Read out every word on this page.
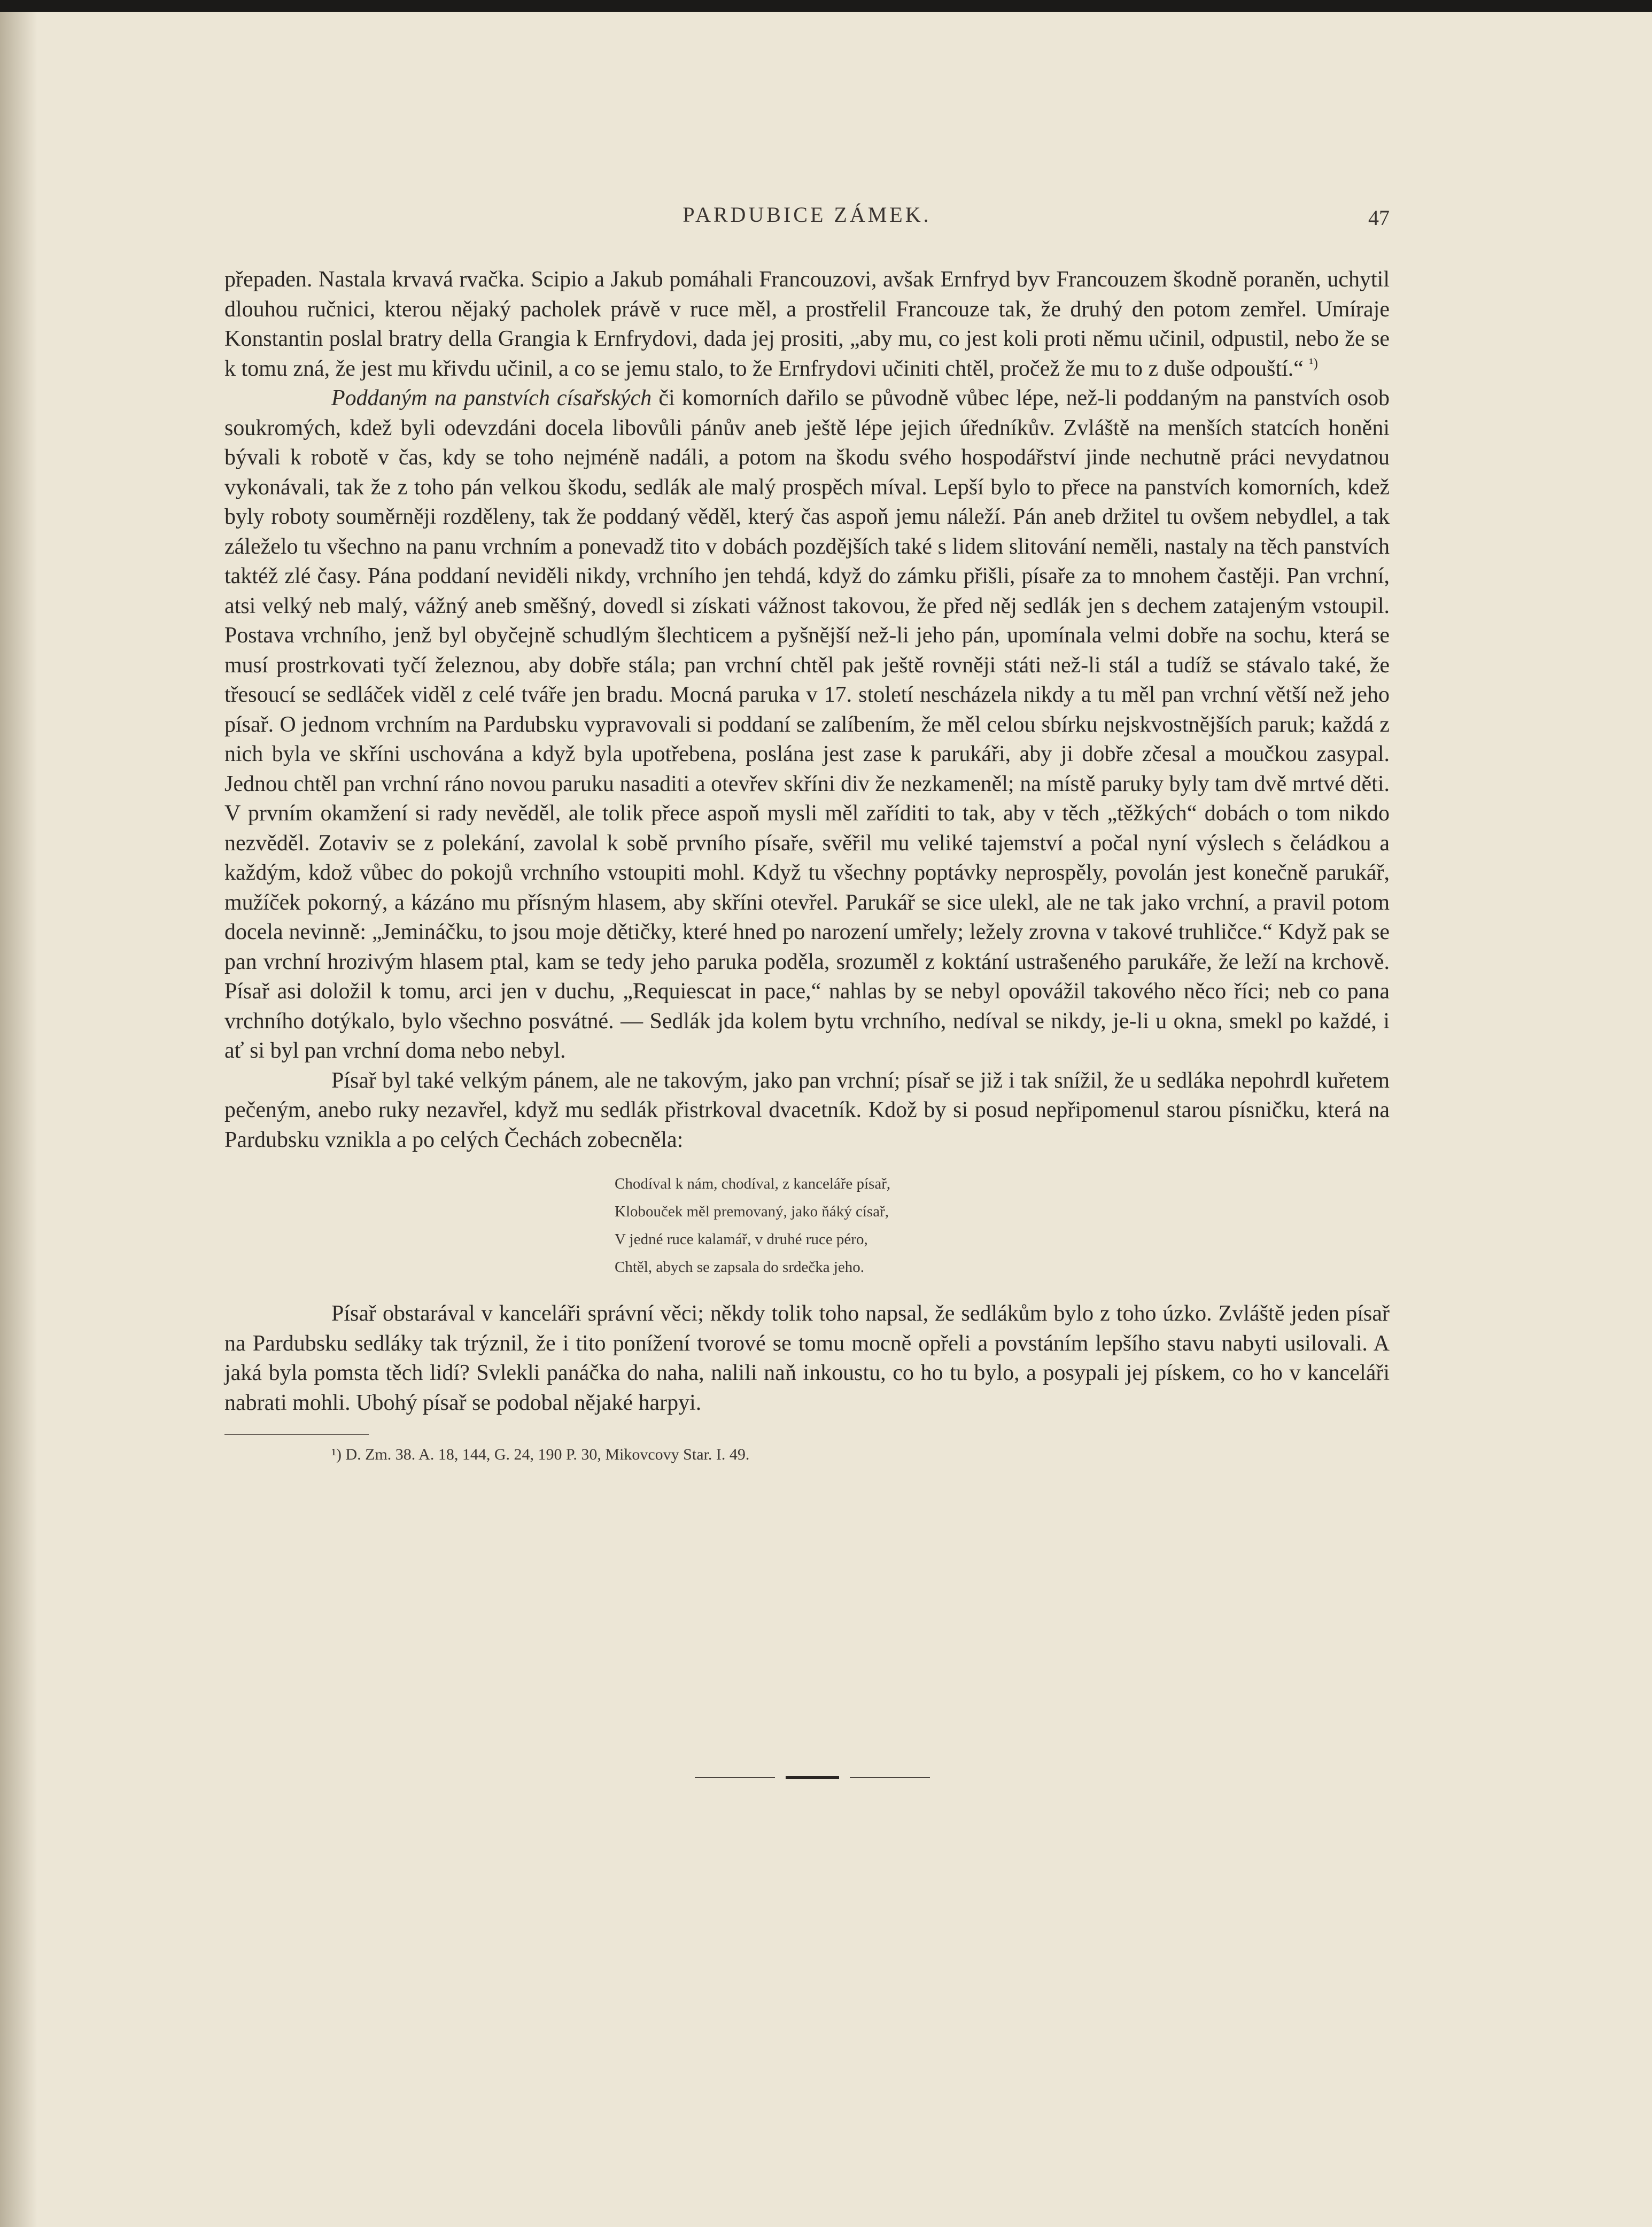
PARDUBICE ZÁMEK.	47

přepaden. Nastala krvavá rvačka. Scipio a Jakub pomáhali Francouzovi, avšak Ernfryd byv Francouzem škodně poraněn, uchytil dlouhou ručnici, kterou nějaký pacholek právě v ruce měl, a prostřelil Francouze tak, že druhý den potom zemřel. Umíraje Konstantin poslal bratry della Grangia k Ernfrydovi, dada jej prositi, „aby mu, co jest koli proti němu učinil, odpustil, nebo že se k tomu zná, že jest mu křivdu učinil, a co se jemu stalo, to že Ernfrydovi učiniti chtěl, pročež že mu to z duše odpouští.“ $^{^1)}$

Poddaným na panstvích císařských či komorních dařilo se původně vůbec lépe, než-li poddaným na panstvích osob soukromých, kdež byli odevzdáni docela libovůli pánův aneb ještě lépe jejich úředníkův. Zvláště na menších statcích honěni bývali k robotě v čas, kdy se toho nejméně nadáli, a potom na škodu svého hospodářství jinde nechutně práci nevydatnou vykonávali, tak že z toho pán velkou škodu, sedlák ale malý prospěch míval. Lepší bylo to přece na panstvích komorních, kdež byly roboty souměrněji rozděleny, tak že poddaný věděl, který čas aspoň jemu náleží. Pán aneb držitel tu ovšem nebydlel, a tak záleželo tu všechno na panu vrchním a ponevadž tito v dobách pozdějších také s lidem slitování neměli, nastaly na těch panstvích taktéž zlé časy. Pána poddaní neviděli nikdy, vrchního jen tehdá, když do zámku přišli, písaře za to mnohem častěji. Pan vrchní, atsi velký neb malý, vážný aneb směšný, dovedl si získati vážnost takovou, že před něj sedlák jen s dechem zatajeným vstoupil. Postava vrchního, jenž byl obyčejně schudlým šlechticem a pyšnější než-li jeho pán, upomínala velmi dobře na sochu, která se musí prostrkovati tyčí železnou, aby dobře stála; pan vrchní chtěl pak ještě rovněji státi než-li stál a tudíž se stávalo také, že třesoucí se sedláček viděl z celé tváře jen bradu. Mocná paruka v 17. století nescházela nikdy a tu měl pan vrchní větší než jeho písař. O jednom vrchním na Pardubsku vypravovali si poddaní se zalíbením, že měl celou sbírku nejskvostnějších paruk; každá z nich byla ve skříni uschována a když byla upotřebena, poslána jest zase k parukáři, aby ji dobře zčesal a moučkou zasypal. Jednou chtěl pan vrchní ráno novou paruku nasaditi a otevřev skříni div že nezkameněl; na místě paruky byly tam dvě mrtvé děti. V prvním okamžení si rady nevěděl, ale tolik přece aspoň mysli měl zaříditi to tak, aby v těch „těžkých“ dobách o tom nikdo nezvěděl. Zotaviv se z polekání, zavolal k sobě prvního písaře, svěřil mu veliké tajemství a počal nyní výslech s čeládkou a každým, kdož vůbec do pokojů vrchního vstoupiti mohl. Když tu všechny poptávky neprospěly, povolán jest konečně parukář, mužíček pokorný, a kázáno mu přísným hlasem, aby skříni otevřel. Parukář se sice ulekl, ale ne tak jako vrchní, a pravil potom docela nevinně: „Jemináčku, to jsou moje dětičky, které hned po narození umřely; ležely zrovna v takové truhličce.“ Když pak se pan vrchní hrozivým hlasem ptal, kam se tedy jeho paruka poděla, srozuměl z koktání ustrašeného parukáře, že leží na krchově. Písař asi doložil k tomu, arci jen v duchu, „Requiescat in pace,“ nahlas by se nebyl opovážil takového něco říci; neb co pana vrchního dotýkalo, bylo všechno posvátné. — Sedlák jda kolem bytu vrchního, nedíval se nikdy, je-li u okna, smekl po každé, i ať si byl pan vrchní doma nebo nebyl.

Písař byl také velkým pánem, ale ne takovým, jako pan vrchní; písař se již i tak snížil, že u sedláka nepohrdl kuřetem pečeným, anebo ruky nezavřel, když mu sedlák přistrkoval dvacetník. Kdož by si posud nepřipomenul starou písničku, která na Pardubsku vznikla a po celých Čechách zobecněla:

Chodíval k nám, chodíval, z kanceláře písař,
Klobouček měl premovaný, jako ňáký císař,
V jedné ruce kalamář, v druhé ruce péro,
Chtěl, abych se zapsala do srdečka jeho.

Písař obstarával v kanceláři správní věci; někdy tolik toho napsal, že sedlákům bylo z toho úzko. Zvláště jeden písař na Pardubsku sedláky tak trýznil, že i tito ponížení tvorové se tomu mocně opřeli a povstáním lepšího stavu nabyti usilovali. A jaká byla pomsta těch lidí? Svlekli panáčka do naha, nalili naň inkoustu, co ho tu bylo, a posypali jej pískem, co ho v kanceláři nabrati mohli. Ubohý písař se podobal nějaké harpyi.

¹) D. Zm. 38. A. 18, 144, G. 24, 190 P. 30, Mikovcovy Star. I. 49.
